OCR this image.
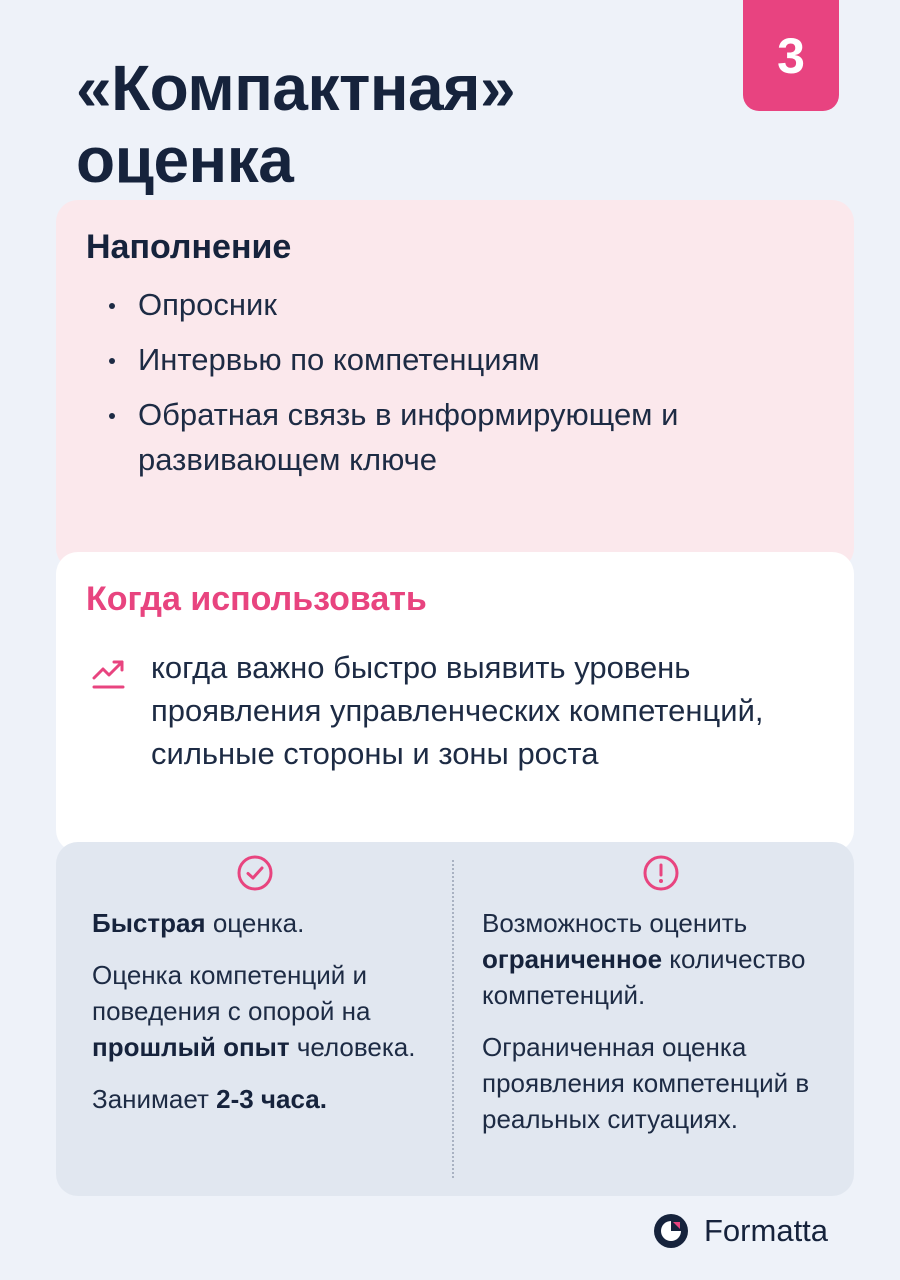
«Компактная»
оценка
3
Наполнение
Опросник
Интервью по компетенциям
Обратная связь в информирующем и развивающем ключе
Когда использовать
когда важно быстро выявить уровень проявления управленческих компетенций, сильные стороны и зоны роста

Быстрая оценка.

Оценка компетенций и поведения с опорой на прошлый опыт человека.

Занимает 2-3 часа.

Возможность оценить ограниченное количество компетенций.

Ограниченная оценка проявления компетенций в реальных ситуациях.

Formatta
